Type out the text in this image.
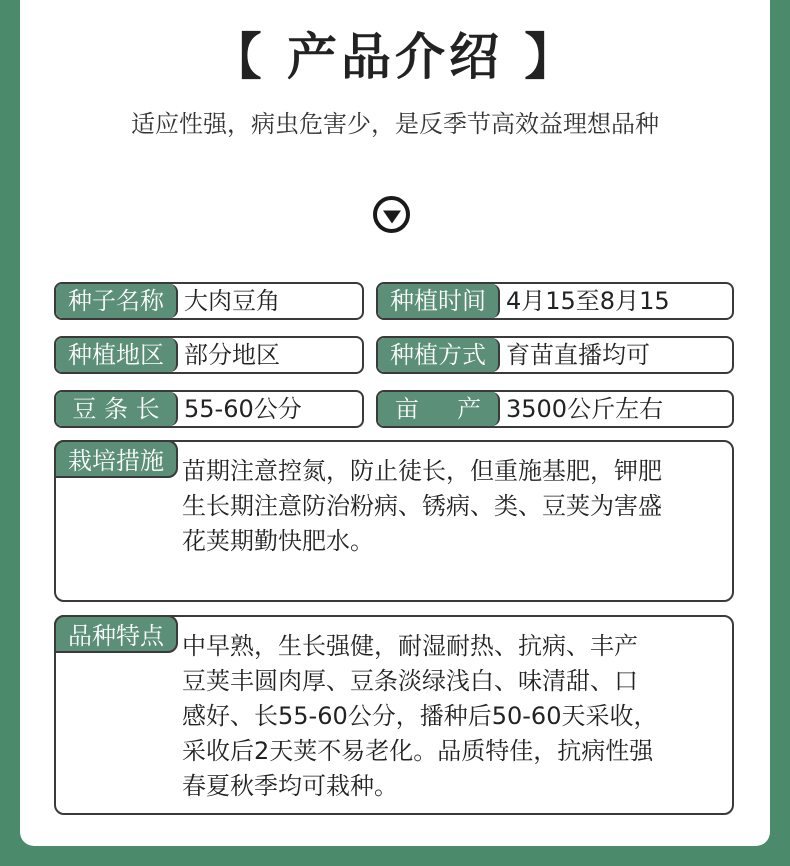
【 产品介绍 】
适应性强，病虫危害少，是反季节高效益理想品种
种子名称 大肉豆角	种植时间 4月15至8月15
种植地区 部分地区	种植方式 育苗直播均可
豆 条 长	55-60公分	亩     产	3500公斤左右
栽培措施 苗期注意控氮，防止徒长，但重施基肥，钾肥
生长期注意防治粉病、锈病、类、豆荚为害盛
花荚期勤快肥水。
品种特点 中早熟，生长强健，耐湿耐热、抗病、丰产
豆荚丰圆肉厚、豆条淡绿浅白、味清甜、口
感好、长55-60公分，播种后50-60天采收，
采收后2天荚不易老化。品质特佳，抗病性强
春夏秋季均可栽种。
